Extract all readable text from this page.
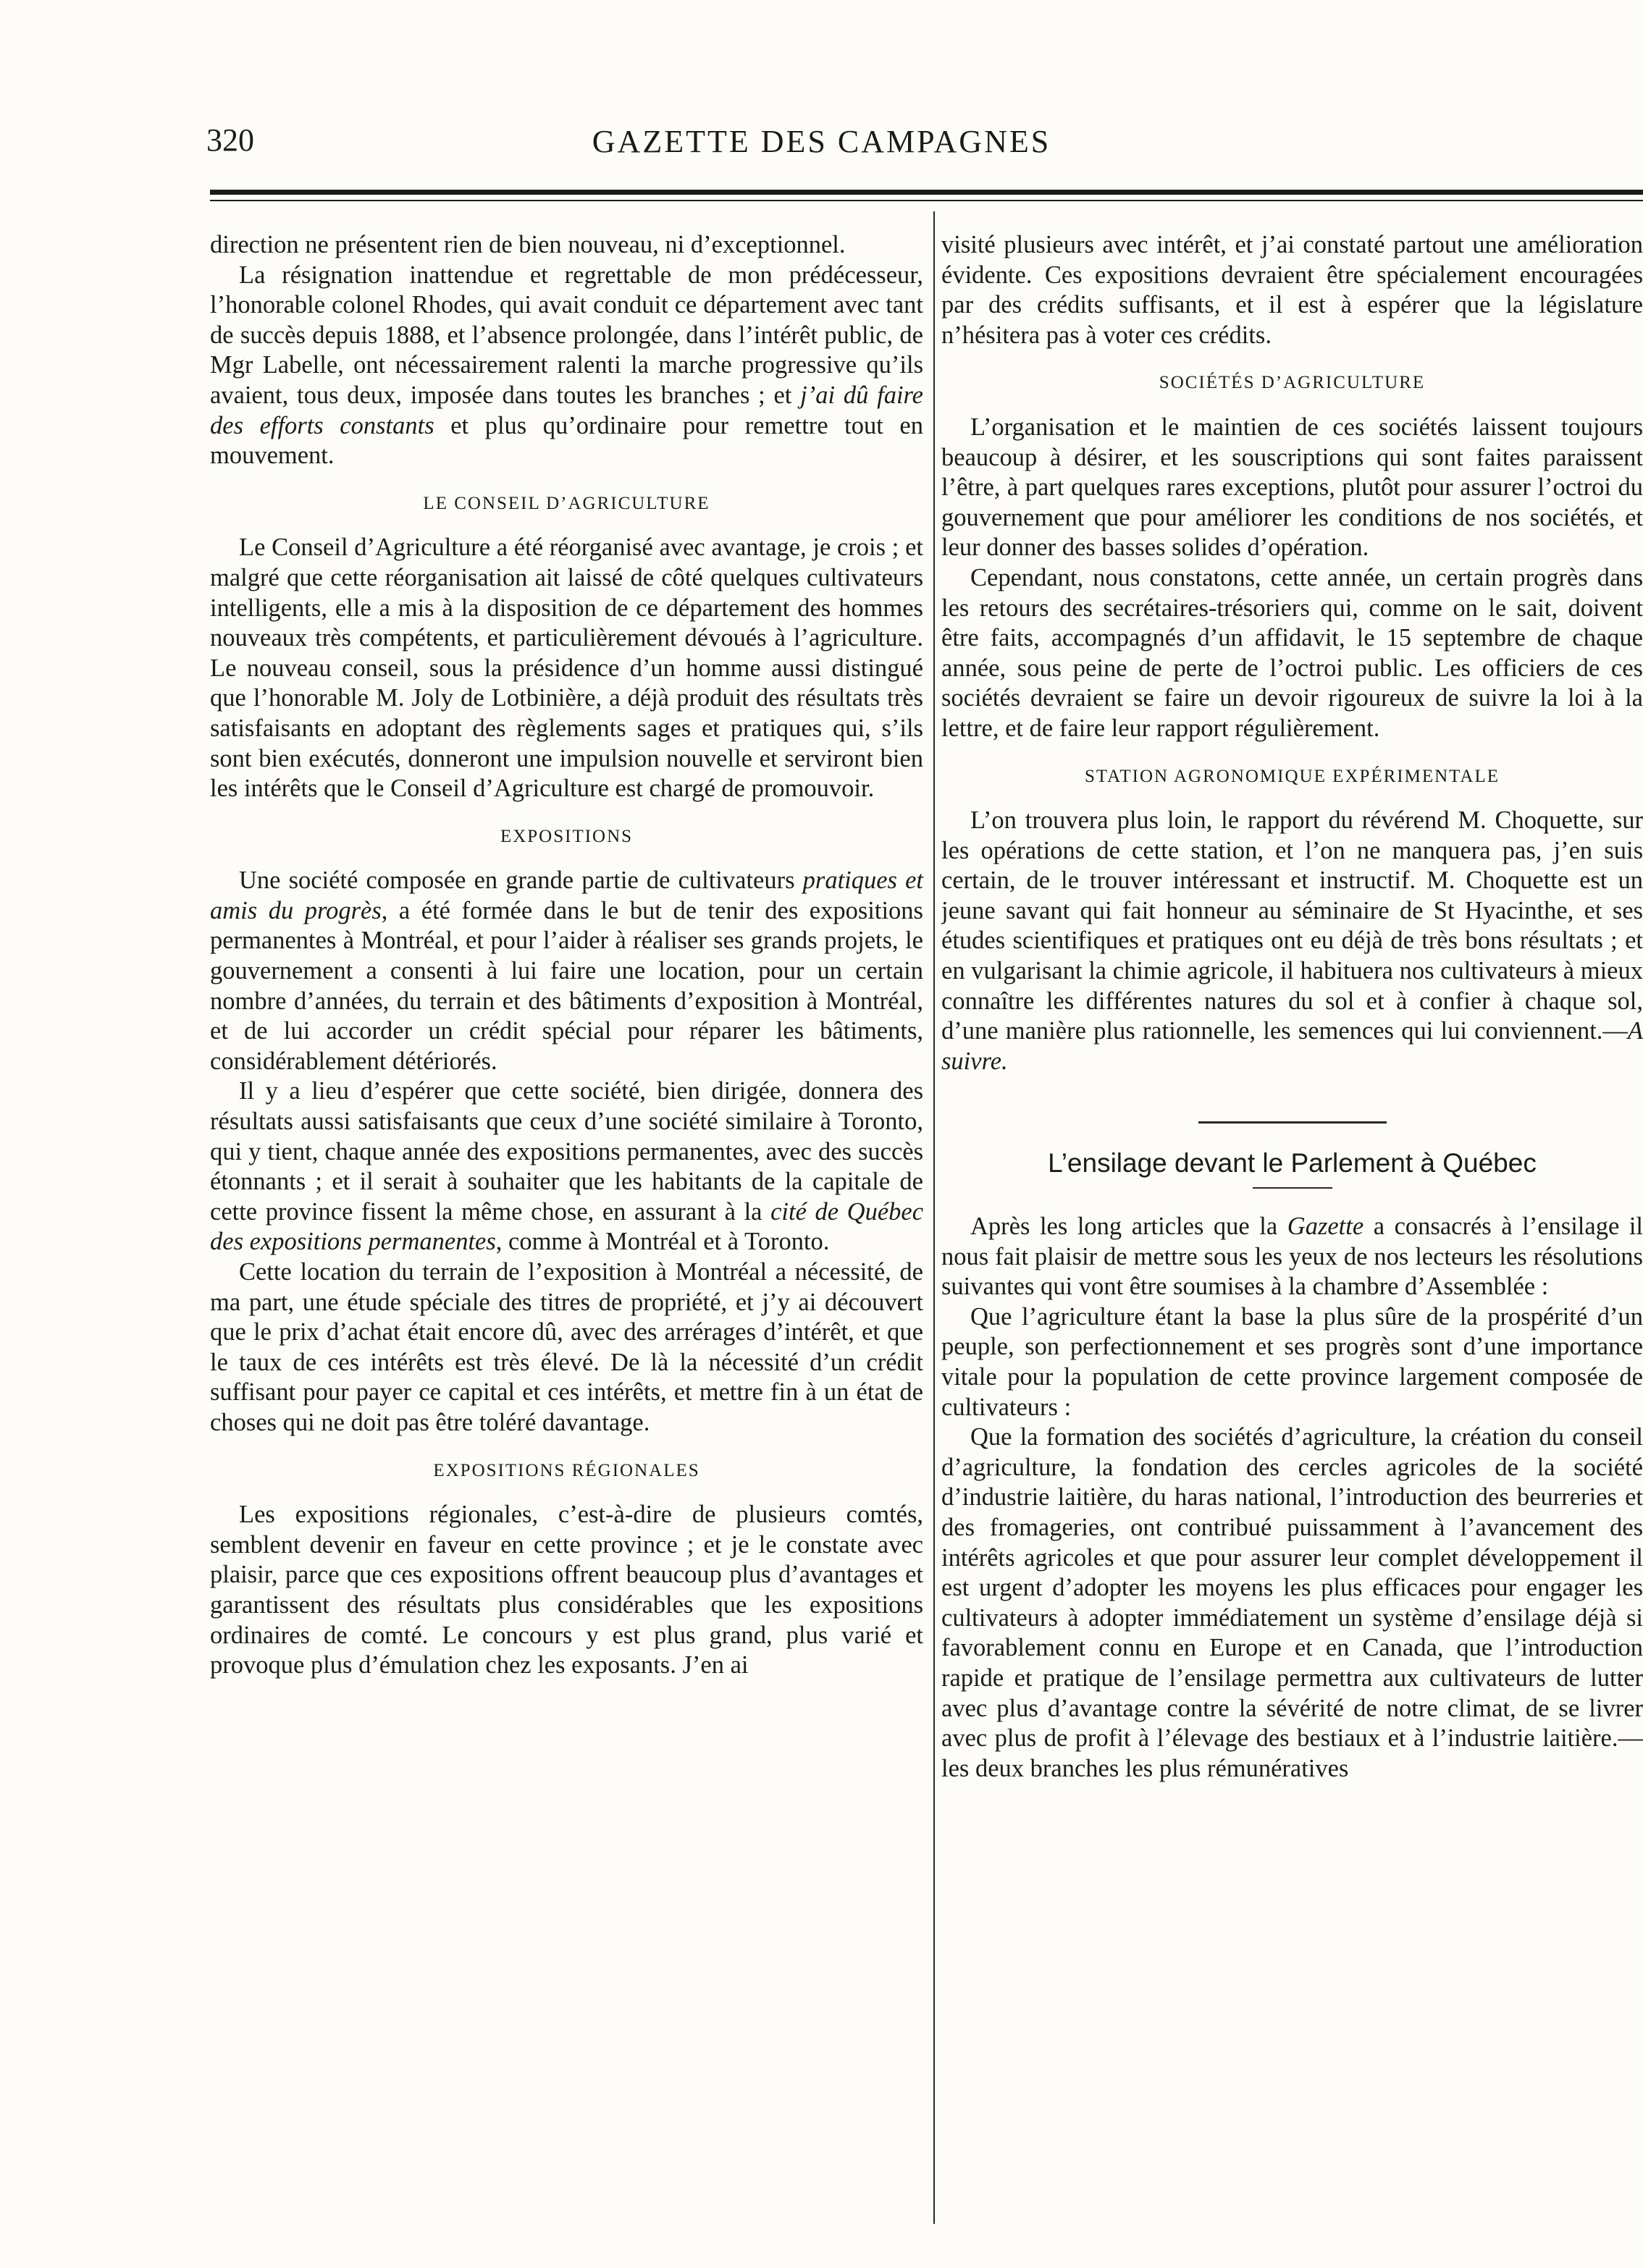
320	GAZETTE DES CAMPAGNES

direction ne présentent rien de bien nouveau, ni d’exceptionnel.

La résignation inattendue et regrettable de mon prédécesseur, l’honorable colonel Rhodes, qui avait conduit ce département avec tant de succès depuis 1888, et l’absence prolongée, dans l’intérêt public, de Mgr Labelle, ont nécessairement ralenti la marche progressive qu’ils avaient, tous deux, imposée dans toutes les branches ; et j’ai dû faire des efforts constants et plus qu’ordinaire pour remettre tout en mouvement.

LE CONSEIL D’AGRICULTURE

Le Conseil d’Agriculture a été réorganisé avec avantage, je crois ; et malgré que cette réorganisation ait laissé de côté quelques cultivateurs intelligents, elle a mis à la disposition de ce département des hommes nouveaux très compétents, et particulièrement dévoués à l’agriculture. Le nouveau conseil, sous la présidence d’un homme aussi distingué que l’honorable M. Joly de Lotbinière, a déjà produit des résultats très satisfaisants en adoptant des règlements sages et pratiques qui, s’ils sont bien exécutés, donneront une impulsion nouvelle et serviront bien les intérêts que le Conseil d’Agriculture est chargé de promouvoir.

EXPOSITIONS

Une société composée en grande partie de cultivateurs pratiques et amis du progrès, a été formée dans le but de tenir des expositions permanentes à Montréal, et pour l’aider à réaliser ses grands projets, le gouvernement a consenti à lui faire une location, pour un certain nombre d’années, du terrain et des bâtiments d’exposition à Montréal, et de lui accorder un crédit spécial pour réparer les bâtiments, considérablement détériorés.

Il y a lieu d’espérer que cette société, bien dirigée, donnera des résultats aussi satisfaisants que ceux d’une société similaire à Toronto, qui y tient, chaque année des expositions permanentes, avec des succès étonnants ; et il serait à souhaiter que les habitants de la capitale de cette province fissent la même chose, en assurant à la cité de Québec des expositions permanentes, comme à Montréal et à Toronto.

Cette location du terrain de l’exposition à Montréal a nécessité, de ma part, une étude spéciale des titres de propriété, et j’y ai découvert que le prix d’achat était encore dû, avec des arrérages d’intérêt, et que le taux de ces intérêts est très élevé. De là la nécessité d’un crédit suffisant pour payer ce capital et ces intérêts, et mettre fin à un état de choses qui ne doit pas être toléré davantage.

EXPOSITIONS RÉGIONALES

Les expositions régionales, c’est-à-dire de plusieurs comtés, semblent devenir en faveur en cette province ; et je le constate avec plaisir, parce que ces expositions offrent beaucoup plus d’avantages et garantissent des résultats plus considérables que les expositions ordinaires de comté. Le concours y est plus grand, plus varié et provoque plus d’émulation chez les exposants. J’en ai

visité plusieurs avec intérêt, et j’ai constaté partout une amélioration évidente. Ces expositions devraient être spécialement encouragées par des crédits suffisants, et il est à espérer que la législature n’hésitera pas à voter ces crédits.

SOCIÉTÉS D’AGRICULTURE

L’organisation et le maintien de ces sociétés laissent toujours beaucoup à désirer, et les souscriptions qui sont faites paraissent l’être, à part quelques rares exceptions, plutôt pour assurer l’octroi du gouvernement que pour améliorer les conditions de nos sociétés, et leur donner des basses solides d’opération.

Cependant, nous constatons, cette année, un certain progrès dans les retours des secrétaires-trésoriers qui, comme on le sait, doivent être faits, accompagnés d’un affidavit, le 15 septembre de chaque année, sous peine de perte de l’octroi public. Les officiers de ces sociétés devraient se faire un devoir rigoureux de suivre la loi à la lettre, et de faire leur rapport régulièrement.

STATION AGRONOMIQUE EXPÉRIMENTALE

L’on trouvera plus loin, le rapport du révérend M. Choquette, sur les opérations de cette station, et l’on ne manquera pas, j’en suis certain, de le trouver intéressant et instructif. M. Choquette est un jeune savant qui fait honneur au séminaire de St Hyacinthe, et ses études scientifiques et pratiques ont eu déjà de très bons résultats ; et en vulgarisant la chimie agricole, il habituera nos cultivateurs à mieux connaître les différentes natures du sol et à confier à chaque sol, d’une manière plus rationnelle, les semences qui lui conviennent.—A suivre.

L’ensilage devant le Parlement à Québec

Après les long articles que la Gazette a consacrés à l’ensilage il nous fait plaisir de mettre sous les yeux de nos lecteurs les résolutions suivantes qui vont être soumises à la chambre d’Assemblée :

Que l’agriculture étant la base la plus sûre de la prospérité d’un peuple, son perfectionnement et ses progrès sont d’une importance vitale pour la population de cette province largement composée de cultivateurs :

Que la formation des sociétés d’agriculture, la création du conseil d’agriculture, la fondation des cercles agricoles de la société d’industrie laitière, du haras national, l’introduction des beurreries et des fromageries, ont contribué puissamment à l’avancement des intérêts agricoles et que pour assurer leur complet développement il est urgent d’adopter les moyens les plus efficaces pour engager les cultivateurs à adopter immédiatement un système d’ensilage déjà si favorablement connu en Europe et en Canada, que l’introduction rapide et pratique de l’ensilage permettra aux cultivateurs de lutter avec plus d’avantage contre la sévérité de notre climat, de se livrer avec plus de profit à l’élevage des bestiaux et à l’industrie laitière.—les deux branches les plus rémunératives
